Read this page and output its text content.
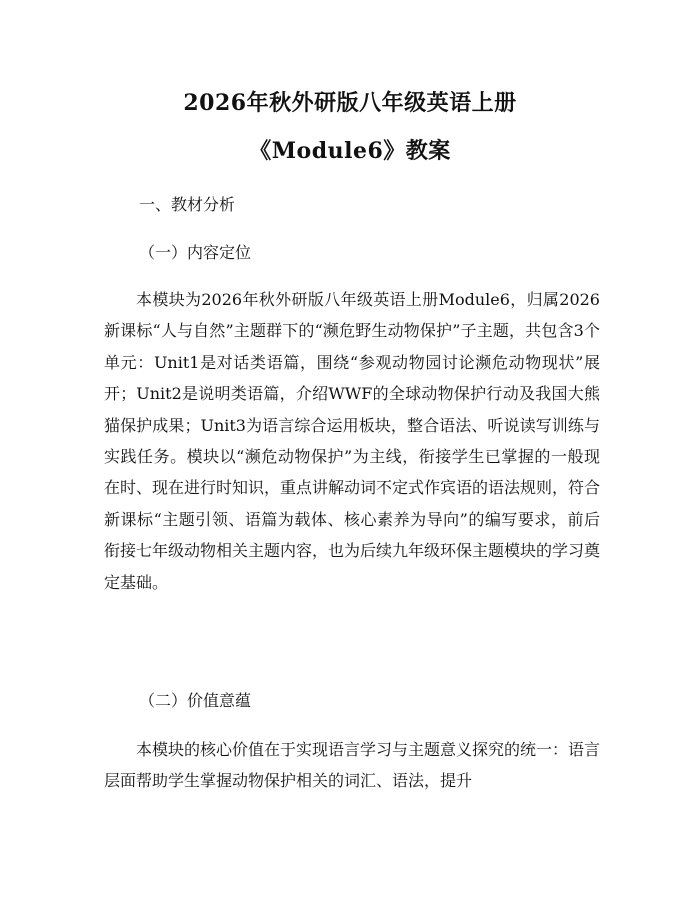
2026年秋外研版八年级英语上册
《Module6》教案
一、教材分析
（一）内容定位
本模块为2026年秋外研版八年级英语上册Module6，归属2026新课标“人与自然”主题群下的“濒危野生动物保护”子主题，共包含3个单元：Unit1是对话类语篇，围绕“参观动物园讨论濒危动物现状”展开；Unit2是说明类语篇，介绍WWF的全球动物保护行动及我国大熊猫保护成果；Unit3为语言综合运用板块，整合语法、听说读写训练与实践任务。模块以“濒危动物保护”为主线，衔接学生已掌握的一般现在时、现在进行时知识，重点讲解动词不定式作宾语的语法规则，符合新课标“主题引领、语篇为载体、核心素养为导向”的编写要求，前后衔接七年级动物相关主题内容，也为后续九年级环保主题模块的学习奠定基础。
（二）价值意蕴
本模块的核心价值在于实现语言学习与主题意义探究的统一：语言层面帮助学生掌握动物保护相关的词汇、语法，提升
